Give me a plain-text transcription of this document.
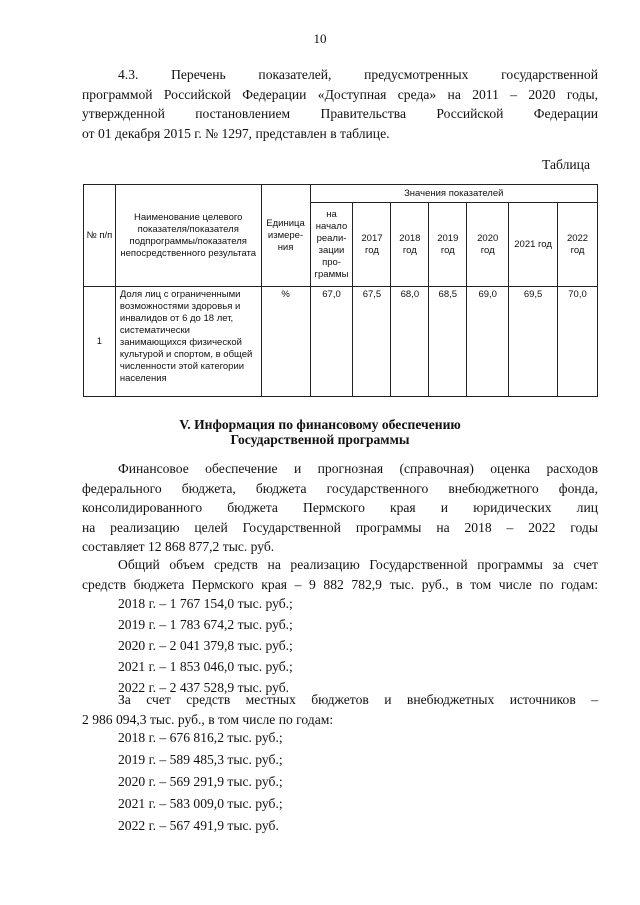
10
4.3. Перечень показателей, предусмотренных государственной
программой Российской Федерации «Доступная среда» на 2011 – 2020 годы,
утвержденной постановлением Правительства Российской Федерации
от 01 декабря 2015 г. № 1297, представлен в таблице.
Таблица
№ п/п	Наименование целевого показателя/показателя подпрограммы/показателя непосредственного результата	Единица измере-ния	Значения показателей						
			на начало реали-зации про-граммы	2017 год	2018 год	2019 год	2020 год	2021 год	2022 год
1	Доля лиц с ограниченными возможностями здоровья и инвалидов от 6 до 18 лет, систематически занимающихся физической культурой и спортом, в общей численности этой категории населения	%	67,0	67,5	68,0	68,5	69,0	69,5	70,0
V. Информация по финансовому обеспечению
Государственной программы
Финансовое обеспечение и прогнозная (справочная) оценка расходов
федерального бюджета, бюджета государственного внебюджетного фонда,
консолидированного бюджета Пермского края и юридических лиц
на реализацию целей Государственной программы на 2018 – 2022 годы
составляет 12 868 877,2 тыс. руб.
Общий объем средств на реализацию Государственной программы за счет
средств бюджета Пермского края – 9 882 782,9 тыс. руб., в том числе по годам:
2018 г. – 1 767 154,0 тыс. руб.;
2019 г. – 1 783 674,2 тыс. руб.;
2020 г. – 2 041 379,8 тыс. руб.;
2021 г. – 1 853 046,0 тыс. руб.;
2022 г. – 2 437 528,9 тыс. руб.
За счет средств местных бюджетов и внебюджетных источников –
2 986 094,3 тыс. руб., в том числе по годам:
2018 г. – 676 816,2 тыс. руб.;
2019 г. – 589 485,3 тыс. руб.;
2020 г. – 569 291,9 тыс. руб.;
2021 г. – 583 009,0 тыс. руб.;
2022 г. – 567 491,9 тыс. руб.
